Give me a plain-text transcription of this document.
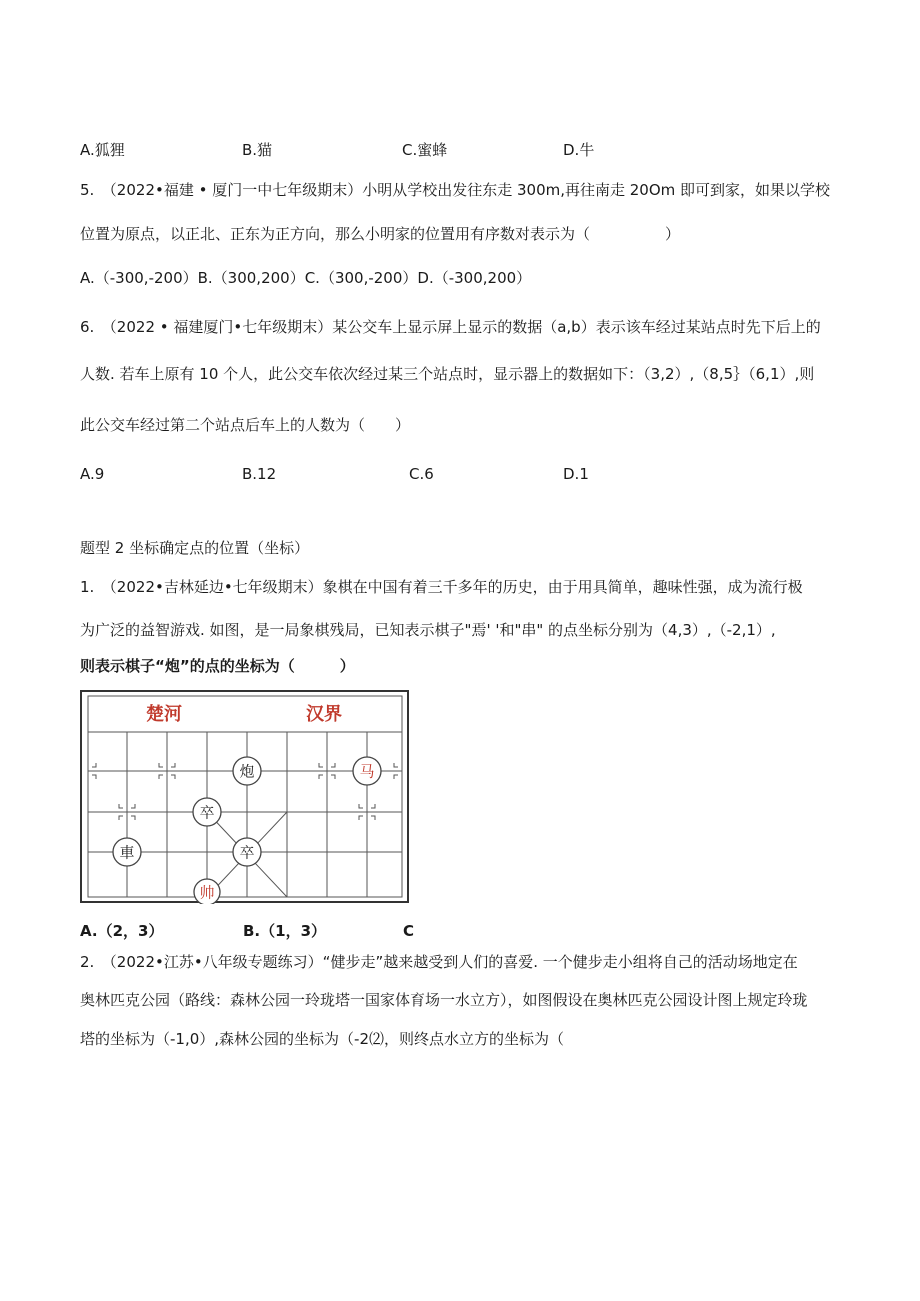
A.狐狸	B.猫	C.蜜蜂	D.牛
5.　（2022•福建 • 厦门一中七年级期末）小明从学校出发往东走 300m,再往南走 20Om 即可到家，如果以学校
位置为原点，以正北、正东为正方向，那么小明家的位置用有序数对表示为（　　　　　）
A.（-300,-200）B.（300,200）C.（300,-200）D.（-300,200）
6.　（2022 • 福建厦门•七年级期末）某公交车上显示屏上显示的数据（a,b）表示该车经过某站点时先下后上的
人数. 若车上原有 10 个人，此公交车依次经过某三个站点时，显示器上的数据如下：（3,2）,（8,5｝（6,1）,则
此公交车经过第二个站点后车上的人数为（　　）
A.9	B.12	C.6	D.1
题型 2 坐标确定点的位置（坐标）
1.　（2022•吉林延边•七年级期末）象棋在中国有着三千多年的历史，由于用具简单，趣味性强，成为流行极
为广泛的益智游戏. 如图，是一局象棋残局，已知表示棋子"焉' '和"串" 的点坐标分别为（4,3）,（-2,1）,
则表示棋子“炮”的点的坐标为（　　　）
楚河	汉界
炮	马
卒
卒
車
帅
A.（2，3）	B.（1，3）	C
2.　（2022•江苏•八年级专题练习）“健步走”越来越受到人们的喜爱. 一个健步走小组将自己的活动场地定在
奥林匹克公园（路线：森林公园一玲珑塔一国家体育场一水立方），如图假设在奥林匹克公园设计图上规定玲珑
塔的坐标为（-1,0）,森林公园的坐标为（-2⑵，则终点水立方的坐标为（
